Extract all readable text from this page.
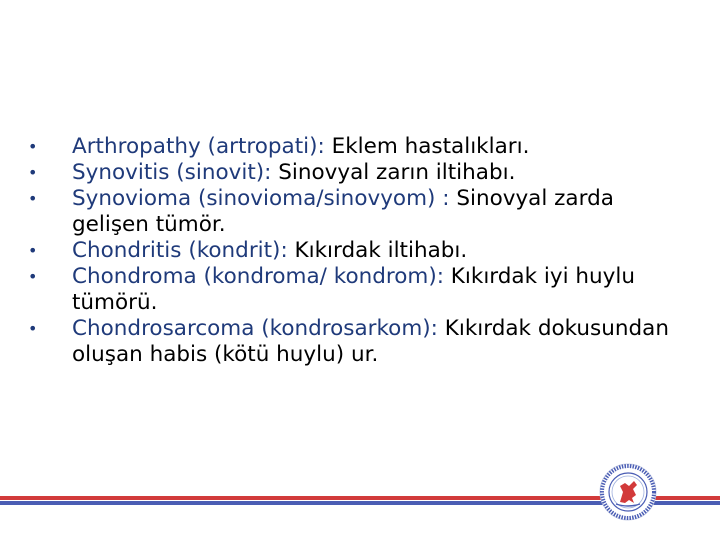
• Arthropathy (artropati): Eklem hastalıkları.
• Synovitis (sinovit): Sinovyal zarın iltihabı.
• Synovioma (sinovioma/sinovyom) : Sinovyal zarda gelişen tümör.
• Chondritis (kondrit): Kıkırdak iltihabı.
• Chondroma (kondroma/ kondrom): Kıkırdak iyi huylu tümörü.
• Chondrosarcoma (kondrosarkom): Kıkırdak dokusundan oluşan habis (kötü huylu) ur.
